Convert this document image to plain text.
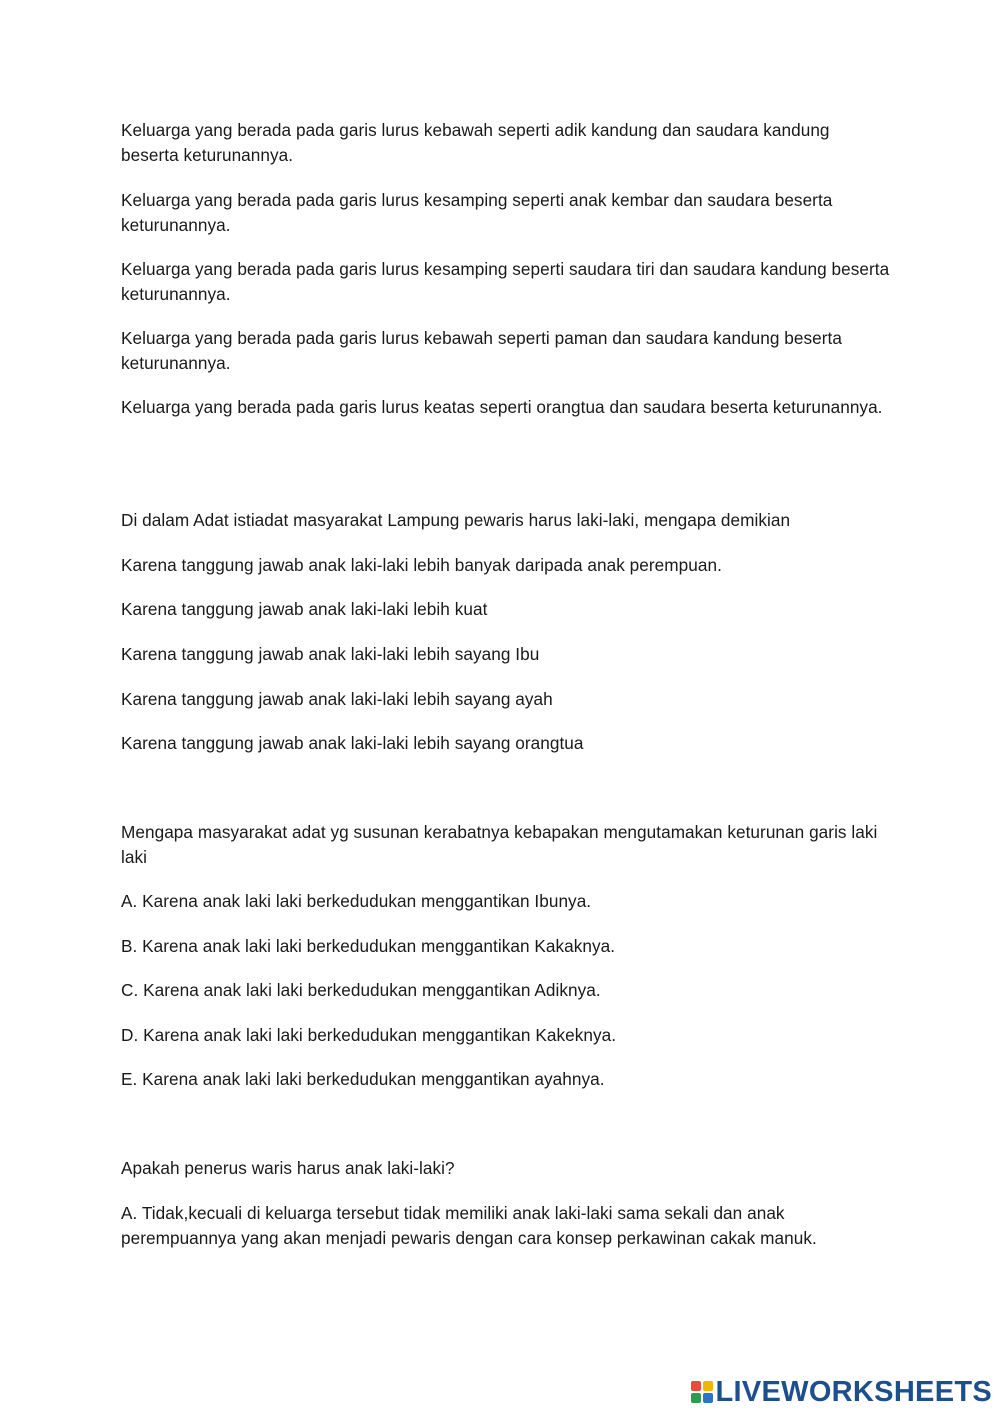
Keluarga yang berada pada garis lurus kebawah seperti adik kandung dan saudara kandung beserta keturunannya.

Keluarga yang berada pada garis lurus kesamping seperti anak kembar dan saudara beserta keturunannya.

Keluarga yang berada pada garis lurus kesamping seperti saudara tiri dan saudara kandung beserta keturunannya.

Keluarga yang berada pada garis lurus kebawah seperti paman dan saudara kandung beserta keturunannya.

Keluarga yang berada pada garis lurus keatas seperti orangtua dan saudara beserta keturunannya.

Di dalam Adat istiadat masyarakat Lampung pewaris harus laki-laki, mengapa demikian

Karena tanggung jawab anak laki-laki lebih banyak daripada anak perempuan.

Karena tanggung jawab anak laki-laki lebih kuat

Karena tanggung jawab anak laki-laki lebih sayang Ibu

Karena tanggung jawab anak laki-laki lebih sayang ayah

Karena tanggung jawab anak laki-laki lebih sayang orangtua

Mengapa masyarakat adat yg susunan kerabatnya kebapakan mengutamakan keturunan garis laki laki

A. Karena anak laki laki berkedudukan menggantikan Ibunya.

B. Karena anak laki laki berkedudukan menggantikan Kakaknya.

C. Karena anak laki laki berkedudukan menggantikan Adiknya.

D. Karena anak laki laki berkedudukan menggantikan Kakeknya.

E. Karena anak laki laki berkedudukan menggantikan ayahnya.

Apakah penerus waris harus anak laki-laki?

A. Tidak,kecuali di keluarga tersebut tidak memiliki anak laki-laki sama sekali dan anak perempuannya yang akan menjadi pewaris dengan cara konsep perkawinan cakak manuk.

LIVEWORKSHEETS
